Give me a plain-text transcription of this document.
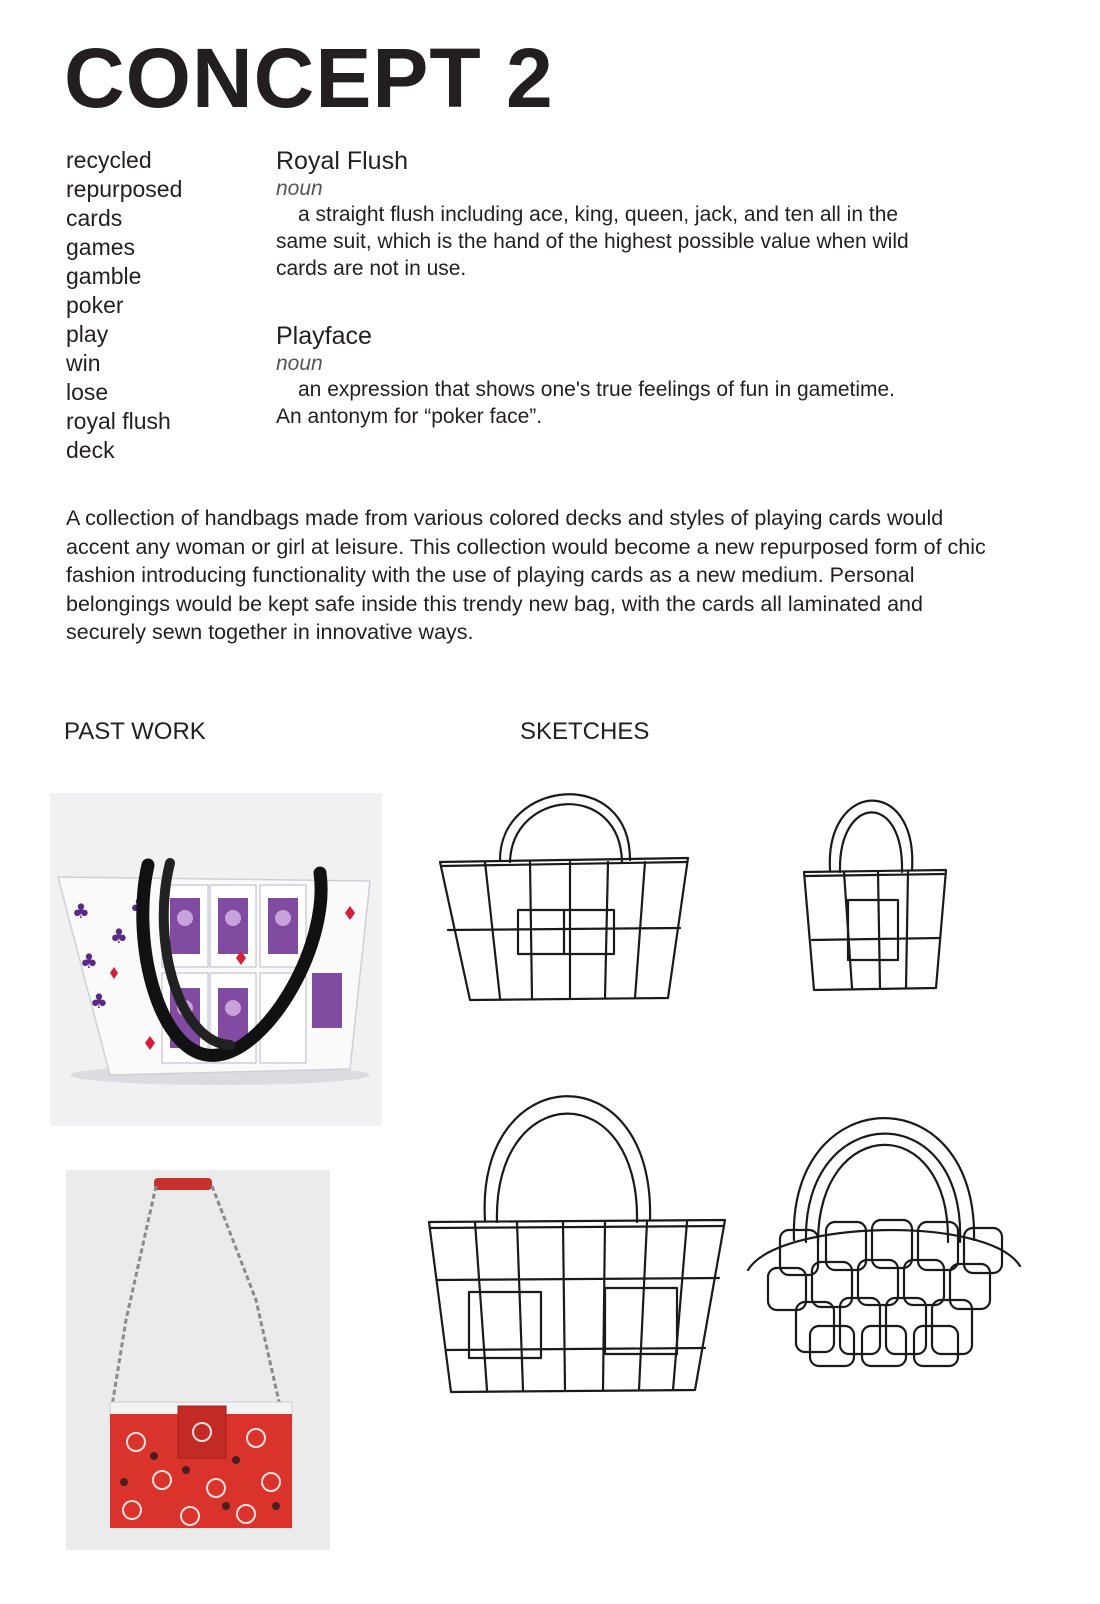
CONCEPT 2
recycled
repurposed
cards
games
gamble
poker
play
win
lose
royal flush
deck
Royal Flush
noun
a straight flush including ace, king, queen, jack, and ten all in the same suit, which is the hand of the highest possible value when wild cards are not in use.
Playface
noun
an expression that shows one's true feelings of fun in gametime. An antonym for “poker face”.

A collection of handbags made from various colored decks and styles of playing cards would accent any woman or girl at leisure. This collection would become a new repurposed form of chic fashion introducing functionality with the use of playing cards as a new medium. Personal belongings would be kept safe inside this trendy new bag, with the cards all laminated and securely sewn together in innovative ways.

PAST WORK	SKETCHES
♣
♣
♣
♣
♣
